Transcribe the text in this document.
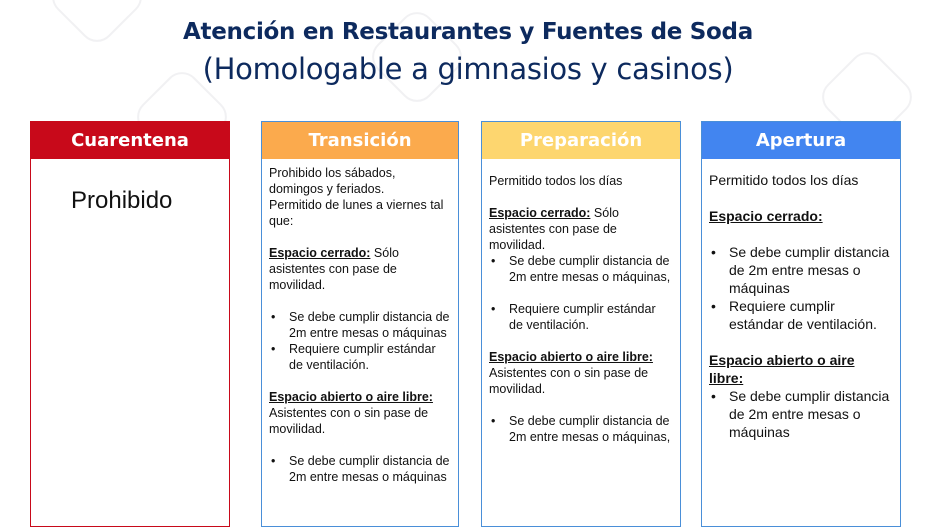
Atención en Restaurantes y Fuentes de Soda
(Homologable a gimnasios y casinos)
Cuarentena
Prohibido
Transición

Prohibido los sábados, domingos y feriados.

Permitido de lunes a viernes tal que:

Espacio cerrado: Sólo asistentes con pase de movilidad.

•	Se debe cumplir distancia de 2m entre mesas o máquinas
•	Requiere cumplir estándar de ventilación.

Espacio abierto o aire libre:

Asistentes con o sin pase de movilidad.

•	Se debe cumplir distancia de 2m entre mesas o máquinas
Preparación

Permitido todos los días

Espacio cerrado: Sólo asistentes con pase de movilidad.

•	Se debe cumplir distancia de 2m entre mesas o máquinas,
•	Requiere cumplir estándar de ventilación.

Espacio abierto o aire libre:

Asistentes con o sin pase de movilidad.

•	Se debe cumplir distancia de 2m entre mesas o máquinas,
Apertura

Permitido todos los días

Espacio cerrado:

• Se debe cumplir distancia de 2m entre mesas o máquinas
• Requiere cumplir estándar de ventilación.

Espacio abierto o aire libre:

• Se debe cumplir distancia de 2m entre mesas o máquinas
